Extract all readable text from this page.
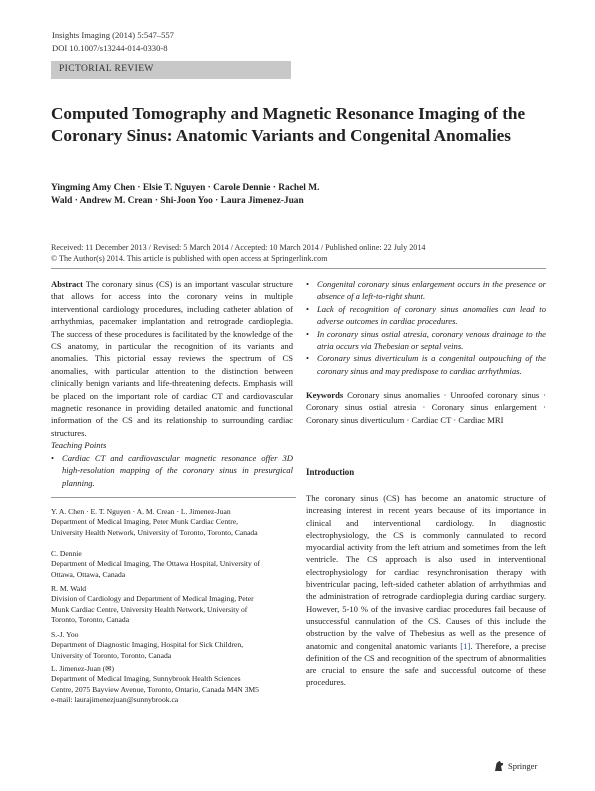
Insights Imaging (2014) 5:547–557
DOI 10.1007/s13244-014-0330-8
PICTORIAL REVIEW
Computed Tomography and Magnetic Resonance Imaging of the Coronary Sinus: Anatomic Variants and Congenital Anomalies
Yingming Amy Chen · Elsie T. Nguyen · Carole Dennie · Rachel M. Wald · Andrew M. Crean · Shi-Joon Yoo · Laura Jimenez-Juan
Received: 11 December 2013 / Revised: 5 March 2014 / Accepted: 10 March 2014 / Published online: 22 July 2014
© The Author(s) 2014. This article is published with open access at Springerlink.com
Abstract The coronary sinus (CS) is an important vascular structure that allows for access into the coronary veins in multiple interventional cardiology procedures, including catheter ablation of arrhythmias, pacemaker implantation and retrograde cardioplegia. The success of these procedures is facilitated by the knowledge of the CS anatomy, in particular the recognition of its variants and anomalies. This pictorial essay reviews the spectrum of CS anomalies, with particular attention to the distinction between clinically benign variants and life-threatening defects. Emphasis will be placed on the important role of cardiac CT and cardiovascular magnetic resonance in providing detailed anatomic and functional information of the CS and its relationship to surrounding cardiac structures.
Teaching Points
• Cardiac CT and cardiovascular magnetic resonance offer 3D high-resolution mapping of the coronary sinus in presurgical planning.
Y. A. Chen · E. T. Nguyen · A. M. Crean · L. Jimenez-Juan
Department of Medical Imaging, Peter Munk Cardiac Centre,
University Health Network, University of Toronto, Toronto, Canada
C. Dennie
Department of Medical Imaging, The Ottawa Hospital, University of
Ottawa, Ottawa, Canada
R. M. Wald
Division of Cardiology and Department of Medical Imaging, Peter
Munk Cardiac Centre, University Health Network, University of
Toronto, Toronto, Canada
S.-J. Yoo
Department of Diagnostic Imaging, Hospital for Sick Children,
University of Toronto, Toronto, Canada
L. Jimenez-Juan (✉)
Department of Medical Imaging, Sunnybrook Health Sciences
Centre, 2075 Bayview Avenue, Toronto, Ontario, Canada M4N 3M5
e-mail: laurajimenezjuan@sunnybrook.ca
• Congenital coronary sinus enlargement occurs in the presence or absence of a left-to-right shunt.
• Lack of recognition of coronary sinus anomalies can lead to adverse outcomes in cardiac procedures.
• In coronary sinus ostial atresia, coronary venous drainage to the atria occurs via Thebesian or septal veins.
• Coronary sinus diverticulum is a congenital outpouching of the coronary sinus and may predispose to cardiac arrhythmias.
Keywords Coronary sinus anomalies · Unroofed coronary sinus · Coronary sinus ostial atresia · Coronary sinus enlargement · Coronary sinus diverticulum · Cardiac CT · Cardiac MRI
Introduction
The coronary sinus (CS) has become an anatomic structure of increasing interest in recent years because of its importance in clinical and interventional cardiology. In diagnostic electrophysiology, the CS is commonly cannulated to record myocardial activity from the left atrium and sometimes from the left ventricle. The CS approach is also used in interventional electrophysiology for cardiac resynchronisation therapy with biventricular pacing, left-sided catheter ablation of arrhythmias and the administration of retrograde cardioplegia during cardiac surgery. However, 5-10 % of the invasive cardiac procedures fail because of unsuccessful cannulation of the CS. Causes of this include the obstruction by the valve of Thebesius as well as the presence of anatomic and congenital anatomic variants [1]. Therefore, a precise definition of the CS and recognition of the spectrum of abnormalities are crucial to ensure the safe and successful outcome of these procedures.
Springer
